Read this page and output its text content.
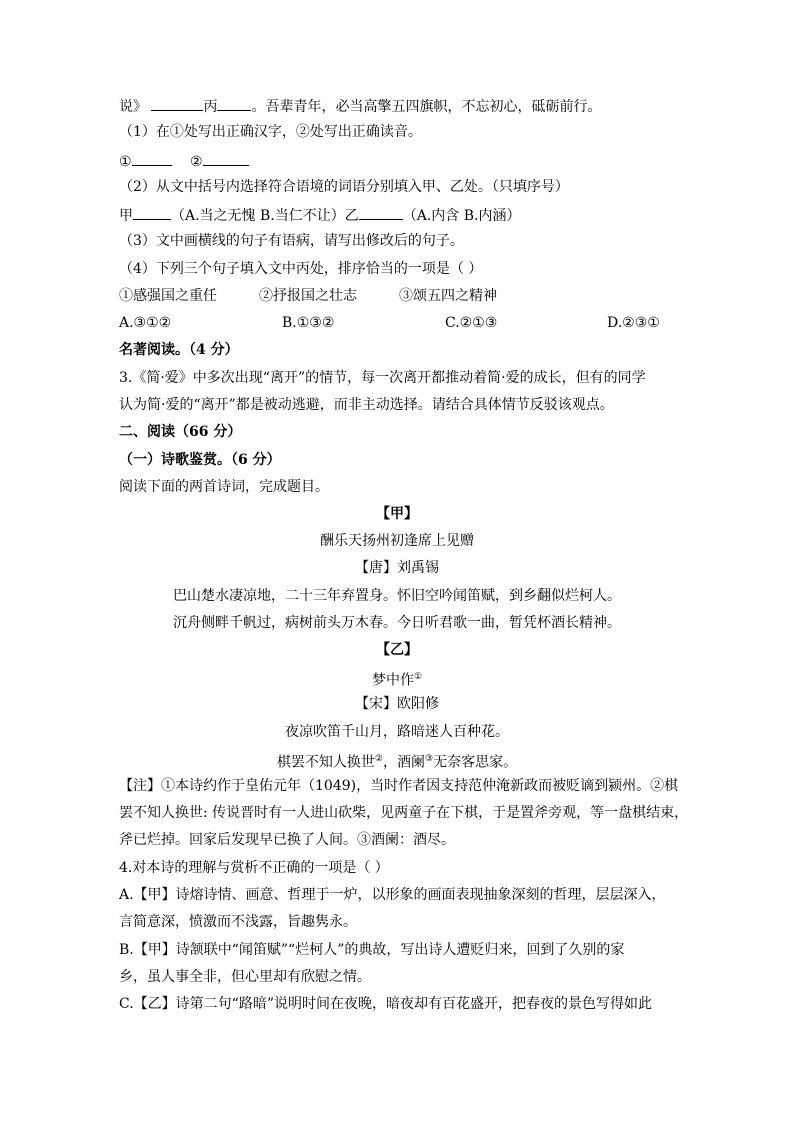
说》	丙 。吾辈青年，必当高擎五四旗帜，不忘初心，砥砺前行。
（1）在①处写出正确汉字，②处写出正确读音。
①	②
（2）从文中括号内选择符合语境的词语分别填入甲、乙处。（只填序号）
甲	（A.当之无愧 B.当仁不让）乙	（A.内含 B.内涵）
（3）文中画横线的句子有语病，请写出修改后的句子。
（4）下列三个句子填入文中丙处，排序恰当的一项是（ ）
①感强国之重任	②抒报国之壮志	③颂五四之精神
A.③①②	B.①③②	C.②①③	D.②③①
名著阅读。（4 分）
3.《简·爱》中多次出现“离开”的情节，每一次离开都推动着简·爱的成长，但有的同学
认为简·爱的“离开”都是被动逃避，而非主动选择。请结合具体情节反驳该观点。
二、阅读（66 分）
（一）诗歌鉴赏。（6 分）
阅读下面的两首诗词，完成题目。
【甲】
酬乐天扬州初逢席上见赠
【唐】刘禹锡
巴山楚水凄凉地，二十三年弃置身。怀旧空吟闻笛赋，到乡翻似烂柯人。
沉舟侧畔千帆过，病树前头万木春。今日听君歌一曲，暂凭杯酒长精神。
【乙】
梦中作①
【宋】欧阳修
夜凉吹笛千山月，路暗迷人百种花。
棋罢不知人换世②，酒阑③无奈客思家。
【注】①本诗约作于皇佑元年（1049)，当时作者因支持范仲淹新政而被贬谪到颍州。②棋
罢不知人换世: 传说晋时有一人进山砍柴，见两童子在下棋，于是置斧旁观，等一盘棋结束，
斧已烂掉。回家后发现早已换了人间。③酒阑：酒尽。
4.对本诗的理解与赏析不正确的一项是（ ）
A.【甲】诗熔诗情、画意、哲理于一炉，以形象的画面表现抽象深刻的哲理，层层深入，
言简意深，愤激而不浅露，旨趣隽永。
B.【甲】诗颔联中“闻笛赋”“烂柯人”的典故，写出诗人遭贬归来，回到了久别的家
乡，虽人事全非，但心里却有欣慰之情。
C.【乙】诗第二句“路暗”说明时间在夜晚，暗夜却有百花盛开，把春夜的景色写得如此
